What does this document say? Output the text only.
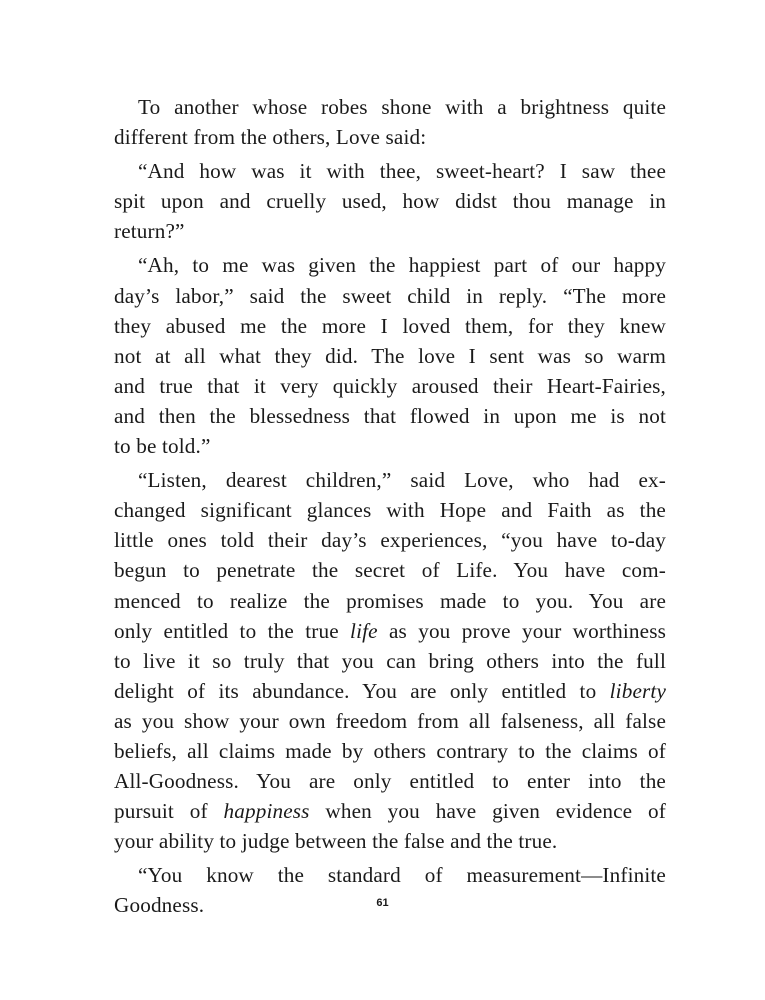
To another whose robes shone with a brightness quite
different from the others, Love said:

“And how was it with thee, sweet-heart? I saw thee
spit upon and cruelly used, how didst thou manage in
return?”

“Ah, to me was given the happiest part of our happy
day’s labor,” said the sweet child in reply. “The more
they abused me the more I loved them, for they knew
not at all what they did. The love I sent was so warm
and true that it very quickly aroused their Heart-Fairies,
and then the blessedness that flowed in upon me is not
to be told.”

“Listen, dearest children,” said Love, who had ex-
changed significant glances with Hope and Faith as the
little ones told their day’s experiences, “you have to-day
begun to penetrate the secret of Life. You have com-
menced to realize the promises made to you. You are
only entitled to the true life as you prove your worthiness
to live it so truly that you can bring others into the full
delight of its abundance. You are only entitled to liberty
as you show your own freedom from all falseness, all false
beliefs, all claims made by others contrary to the claims of
All-Goodness. You are only entitled to enter into the
pursuit of happiness when you have given evidence of
your ability to judge between the false and the true.

“You know the standard of measurement—Infinite
Goodness.	61
